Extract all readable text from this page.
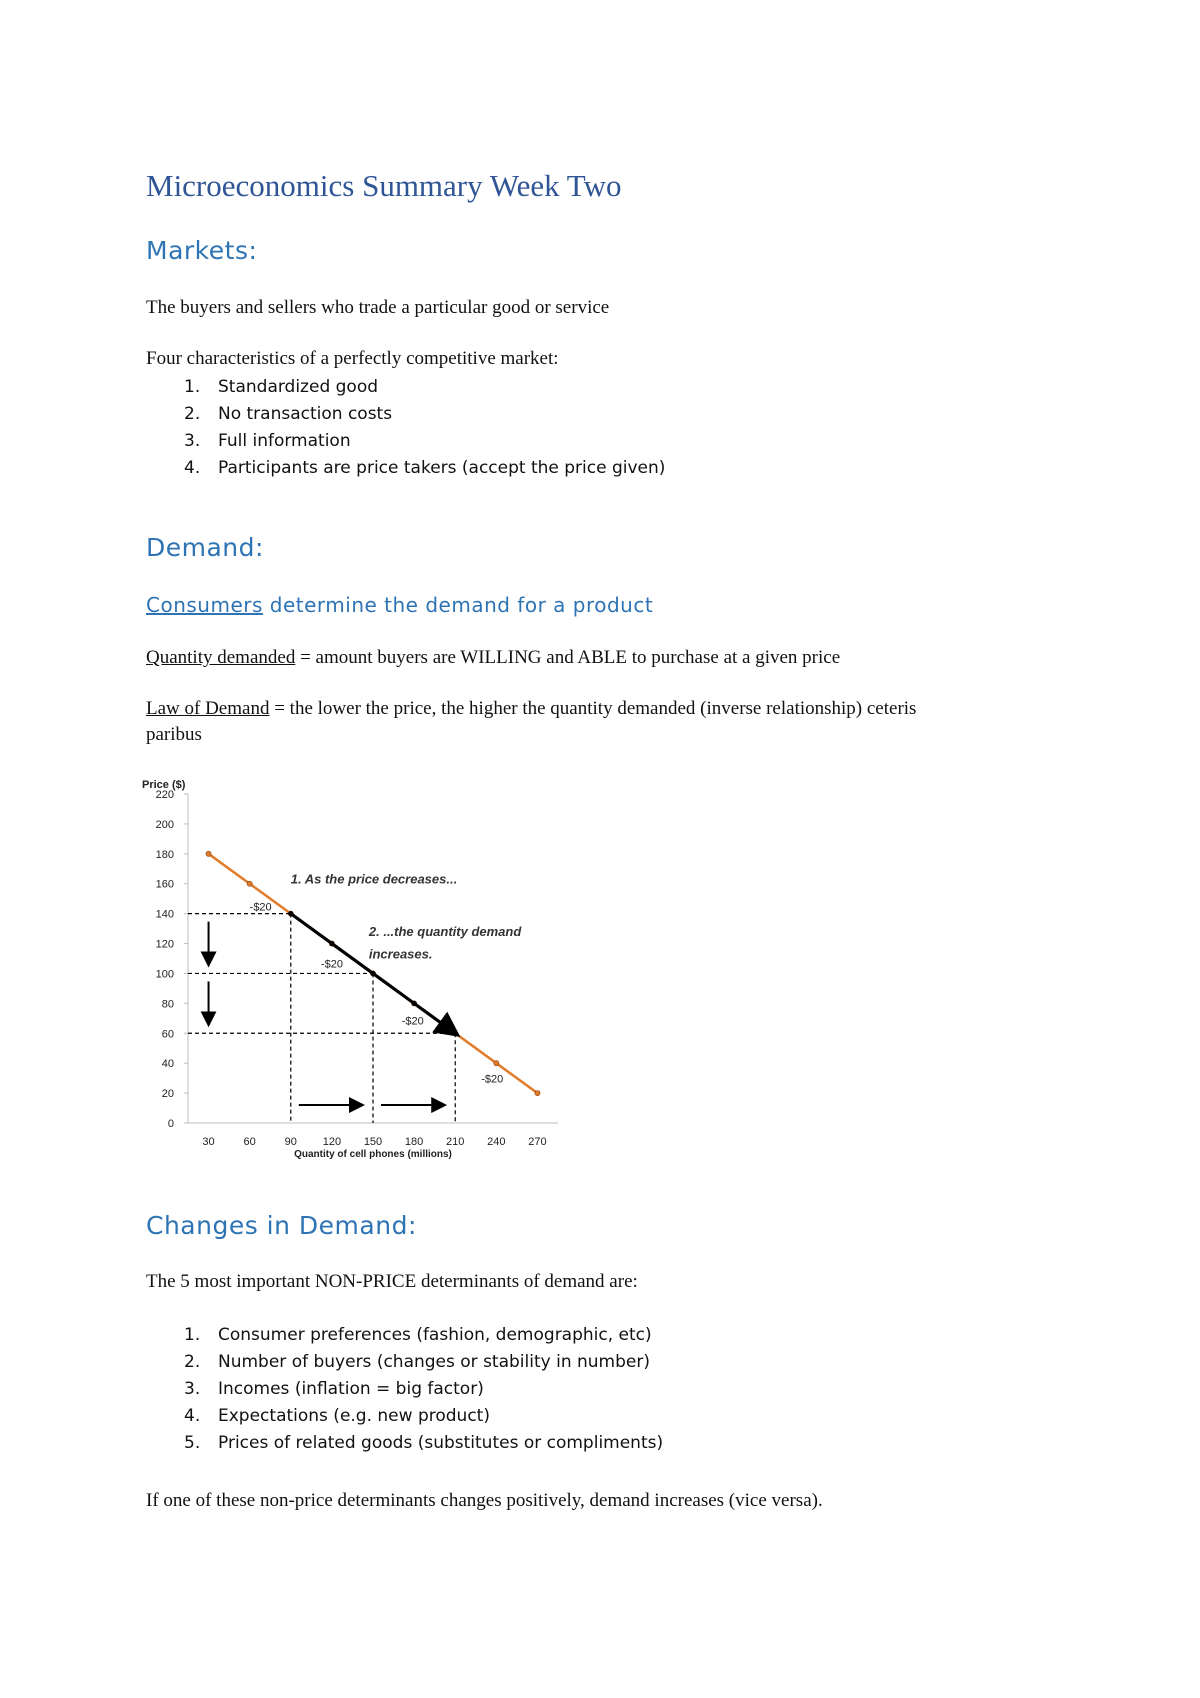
Microeconomics Summary Week Two
Markets:
The buyers and sellers who trade a particular good or service
Four characteristics of a perfectly competitive market:
1. Standardized good
2. No transaction costs
3. Full information
4. Participants are price takers (accept the price given)
Demand:
Consumers determine the demand for a product
Quantity demanded = amount buyers are WILLING and ABLE to purchase at a given price
Law of Demand = the lower the price, the higher the quantity demanded (inverse relationship) ceteris
paribus
0
20
40
60
80
100
120
140
160
180
200
220
30	60	90 120 150 180 210 240 270
Price ($)
Quantity of cell phones (millions)
1. As the price decreases...
2. ...the quantity demand
increases.
-$20
-$20
-$20
-$20
Changes in Demand:
The 5 most important NON-PRICE determinants of demand are:
1. Consumer preferences (fashion, demographic, etc)
2. Number of buyers (changes or stability in number)
3. Incomes (inflation = big factor)
4. Expectations (e.g. new product)
5. Prices of related goods (substitutes or compliments)
If one of these non-price determinants changes positively, demand increases (vice versa).
